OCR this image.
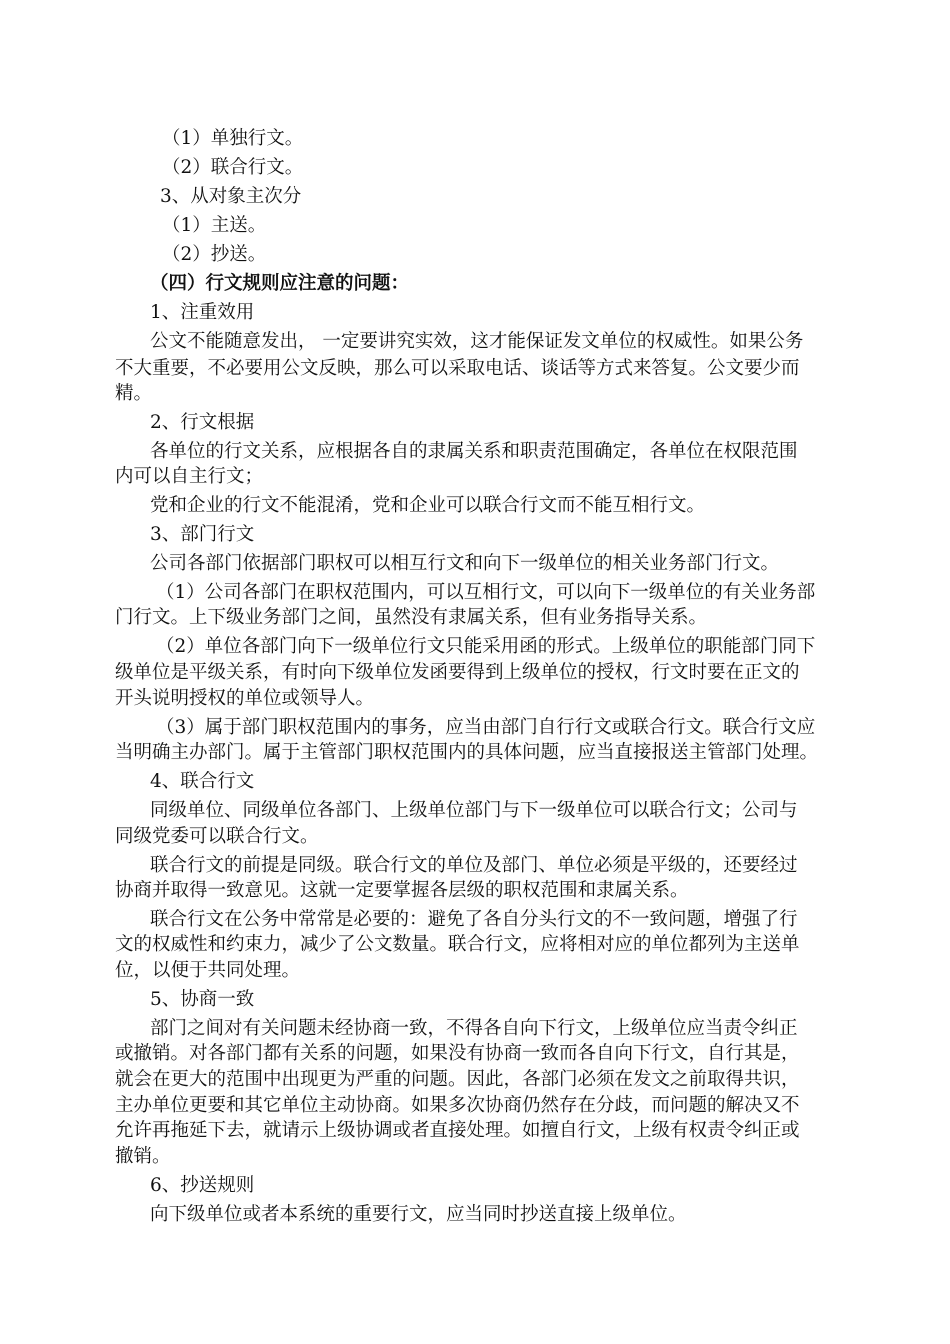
（1）单独行文。
（2）联合行文。
3、从对象主次分
（1）主送。
（2）抄送。
（四）行文规则应注意的问题：
1、注重效用
公文不能随意发出， 一定要讲究实效，这才能保证发文单位的权威性。如果公务
不大重要，不必要用公文反映，那么可以采取电话、谈话等方式来答复。公文要少而
精。
2、行文根据
各单位的行文关系，应根据各自的隶属关系和职责范围确定，各单位在权限范围
内可以自主行文；
党和企业的行文不能混淆，党和企业可以联合行文而不能互相行文。
3、部门行文
公司各部门依据部门职权可以相互行文和向下一级单位的相关业务部门行文。
（1）公司各部门在职权范围内，可以互相行文，可以向下一级单位的有关业务部
门行文。上下级业务部门之间，虽然没有隶属关系，但有业务指导关系。
（2）单位各部门向下一级单位行文只能采用函的形式。上级单位的职能部门同下
级单位是平级关系，有时向下级单位发函要得到上级单位的授权，行文时要在正文的
开头说明授权的单位或领导人。
（3）属于部门职权范围内的事务，应当由部门自行行文或联合行文。联合行文应
当明确主办部门。属于主管部门职权范围内的具体问题，应当直接报送主管部门处理。
4、联合行文
同级单位、同级单位各部门、上级单位部门与下一级单位可以联合行文；公司与
同级党委可以联合行文。
联合行文的前提是同级。联合行文的单位及部门、单位必须是平级的，还要经过
协商并取得一致意见。这就一定要掌握各层级的职权范围和隶属关系。
联合行文在公务中常常是必要的：避免了各自分头行文的不一致问题，增强了行
文的权威性和约束力，减少了公文数量。联合行文，应将相对应的单位都列为主送单
位，以便于共同处理。
5、协商一致
部门之间对有关问题未经协商一致，不得各自向下行文，上级单位应当责令纠正
或撤销。对各部门都有关系的问题，如果没有协商一致而各自向下行文，自行其是，
就会在更大的范围中出现更为严重的问题。因此，各部门必须在发文之前取得共识，
主办单位更要和其它单位主动协商。如果多次协商仍然存在分歧，而问题的解决又不
允许再拖延下去，就请示上级协调或者直接处理。如擅自行文，上级有权责令纠正或
撤销。
6、抄送规则
向下级单位或者本系统的重要行文，应当同时抄送直接上级单位。
